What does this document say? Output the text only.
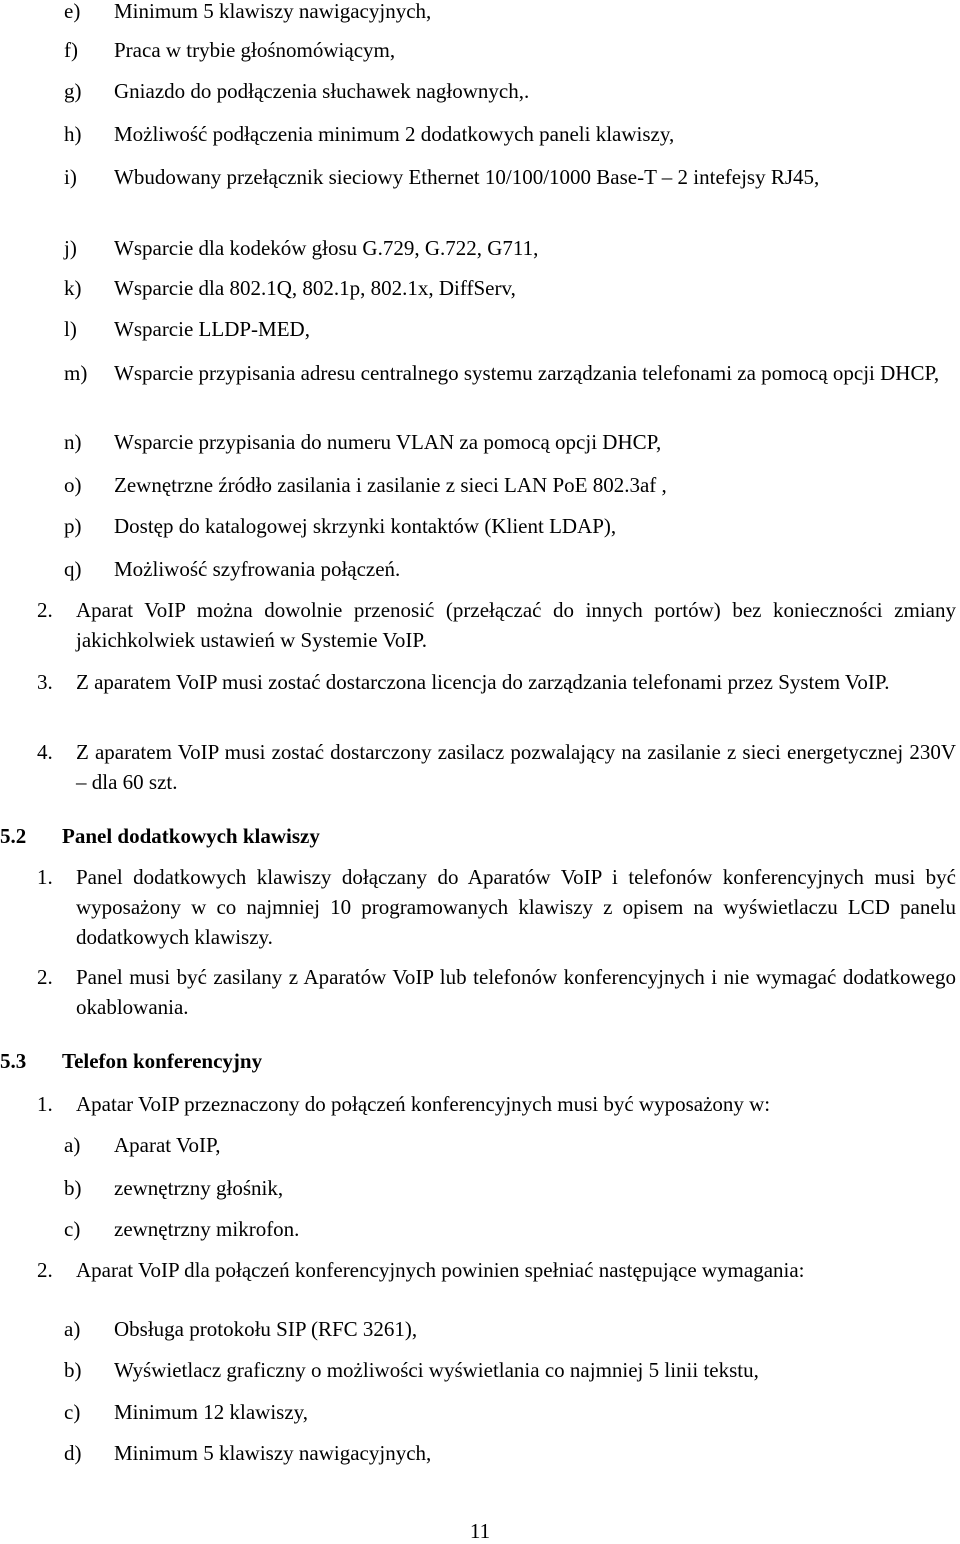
e) Minimum 5 klawiszy nawigacyjnych,
f) Praca w trybie głośnomówiącym,
g) Gniazdo do podłączenia słuchawek nagłownych,.
h) Możliwość podłączenia minimum 2 dodatkowych paneli klawiszy,
i) Wbudowany przełącznik sieciowy Ethernet 10/100/1000 Base-T – 2 intefejsy RJ45,
j) Wsparcie dla kodeków głosu G.729, G.722, G711,
k) Wsparcie dla 802.1Q, 802.1p, 802.1x, DiffServ,
l) Wsparcie LLDP-MED,
m) Wsparcie przypisania adresu centralnego systemu zarządzania telefonami za pomocą opcji DHCP,
n) Wsparcie przypisania do numeru VLAN za pomocą opcji DHCP,
o) Zewnętrzne źródło zasilania i zasilanie z sieci LAN PoE 802.3af ,
p) Dostęp do katalogowej skrzynki kontaktów (Klient LDAP),
q) Możliwość szyfrowania połączeń.
2. Aparat VoIP można dowolnie przenosić (przełączać do innych portów) bez konieczności zmiany jakichkolwiek ustawień w Systemie VoIP.
3. Z aparatem VoIP musi zostać dostarczona licencja do zarządzania telefonami przez System VoIP.
4. Z aparatem VoIP musi zostać dostarczony zasilacz pozwalający na zasilanie z sieci energetycznej 230V – dla 60 szt.
5.2 Panel dodatkowych klawiszy
1. Panel dodatkowych klawiszy dołączany do Aparatów VoIP i telefonów konferencyjnych musi być wyposażony w co najmniej 10 programowanych klawiszy z opisem na wyświetlaczu LCD panelu dodatkowych klawiszy.
2. Panel musi być zasilany z Aparatów VoIP lub telefonów konferencyjnych i nie wymagać dodatkowego okablowania.
5.3 Telefon konferencyjny
1. Apatar VoIP przeznaczony do połączeń konferencyjnych musi być wyposażony w:
a) Aparat VoIP,
b) zewnętrzny głośnik,
c) zewnętrzny mikrofon.
2. Aparat VoIP dla połączeń konferencyjnych powinien spełniać następujące wymagania:
a) Obsługa protokołu SIP (RFC 3261),
b) Wyświetlacz graficzny o możliwości wyświetlania co najmniej 5 linii tekstu,
c) Minimum 12 klawiszy,
d) Minimum 5 klawiszy nawigacyjnych,
11
